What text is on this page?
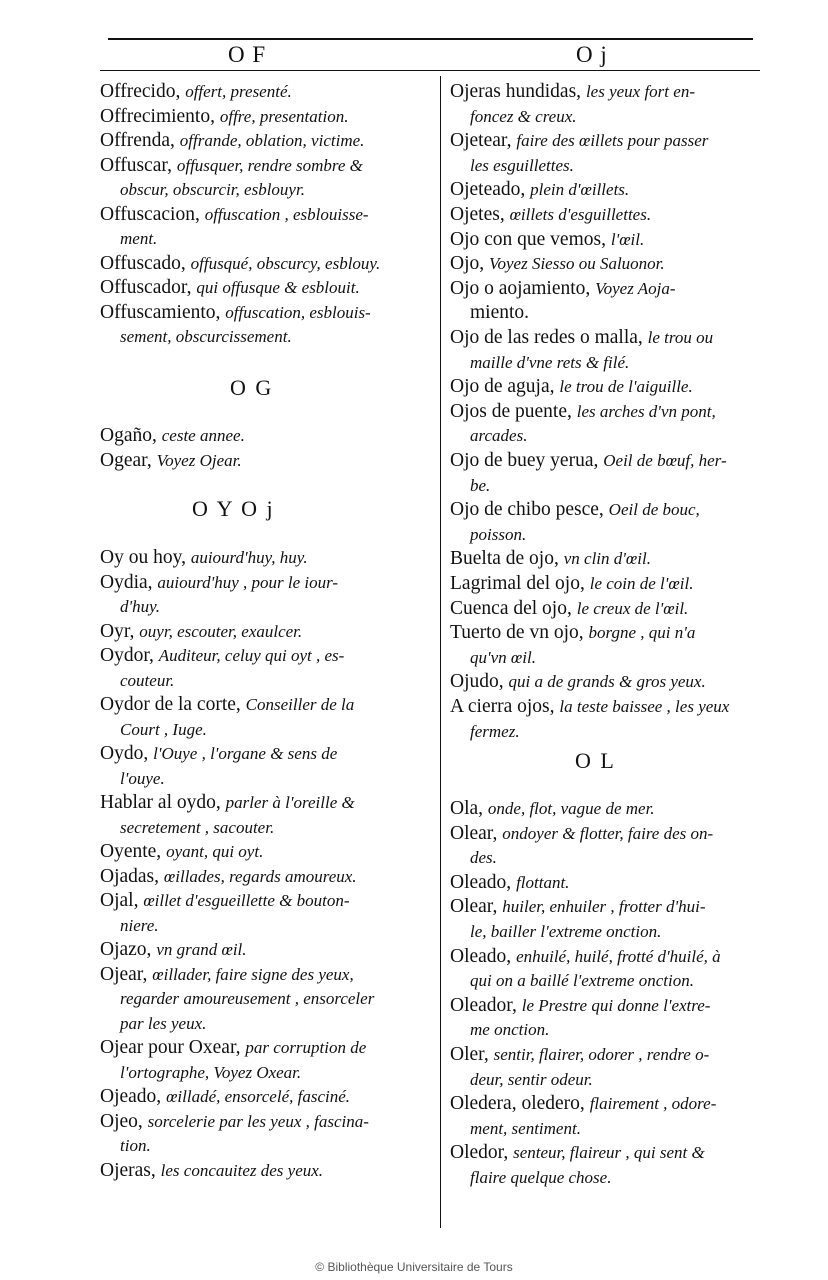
O F	O j
Offrecido, offert, presenté.
Offrecimiento, offre, presentation.
Offrenda, offrande, oblation, victime.
Offuscar, offusquer, rendre sombre &
obscur, obscurcir, esblouyr.
Offuscacion, offuscation , esblouisse-
ment.
Offuscado, offusqué, obscurcy, esblouy.
Offuscador, qui offusque & esblouit.
Offuscamiento, offuscation, esblouis-
sement, obscurcissement.
O G
Ogaño, ceste annee.
Ogear, Voyez Ojear.
O Y O j
Oy ou hoy, auiourd'huy, huy.
Oydia, auiourd'huy , pour le iour-
d'huy.
Oyr, ouyr, escouter, exaulcer.
Oydor, Auditeur, celuy qui oyt , es-
couteur.
Oydor de la corte, Conseiller de la
Court , Iuge.
Oydo, l'Ouye , l'organe & sens de
l'ouye.
Hablar al oydo, parler à l'oreille &
secretement , sacouter.
Oyente, oyant, qui oyt.
Ojadas, œillades, regards amoureux.
Ojal, œillet d'esgueillette & bouton-
niere.
Ojazo, vn grand œil.
Ojear, œillader, faire signe des yeux,
regarder amoureusement , ensorceler
par les yeux.
Ojear pour Oxear, par corruption de
l'ortographe, Voyez Oxear.
Ojeado, œilladé, ensorcelé, fasciné.
Ojeo, sorcelerie par les yeux , fascina-
tion.
Ojeras, les concauitez des yeux.
Ojeras hundidas, les yeux fort en-
foncez & creux.
Ojetear, faire des œillets pour passer
les esguillettes.
Ojeteado, plein d'œillets.
Ojetes, œillets d'esguillettes.
Ojo con que vemos, l'œil.
Ojo, Voyez Siesso ou Saluonor.
Ojo o aojamiento, Voyez Aoja-
miento.
Ojo de las redes o malla, le trou ou
maille d'vne rets & filé.
Ojo de aguja, le trou de l'aiguille.
Ojos de puente, les arches d'vn pont,
arcades.
Ojo de buey yerua, Oeil de bœuf, her-
be.
Ojo de chibo pesce, Oeil de bouc,
poisson.
Buelta de ojo, vn clin d'œil.
Lagrimal del ojo, le coin de l'œil.
Cuenca del ojo, le creux de l'œil.
Tuerto de vn ojo, borgne , qui n'a
qu'vn œil.
Ojudo, qui a de grands & gros yeux.
A cierra ojos, la teste baissee , les yeux
fermez.
O L
Ola, onde, flot, vague de mer.
Olear, ondoyer & flotter, faire des on-
des.
Oleado, flottant.
Olear, huiler, enhuiler , frotter d'hui-
le, bailler l'extreme onction.
Oleado, enhuilé, huilé, frotté d'huilé, à
qui on a baillé l'extreme onction.
Oleador, le Prestre qui donne l'extre-
me onction.
Oler, sentir, flairer, odorer , rendre o-
deur, sentir odeur.
Oledera, oledero, flairement , odore-
ment, sentiment.
Oledor, senteur, flaireur , qui sent &
flaire quelque chose.
© Bibliothèque Universitaire de Tours
